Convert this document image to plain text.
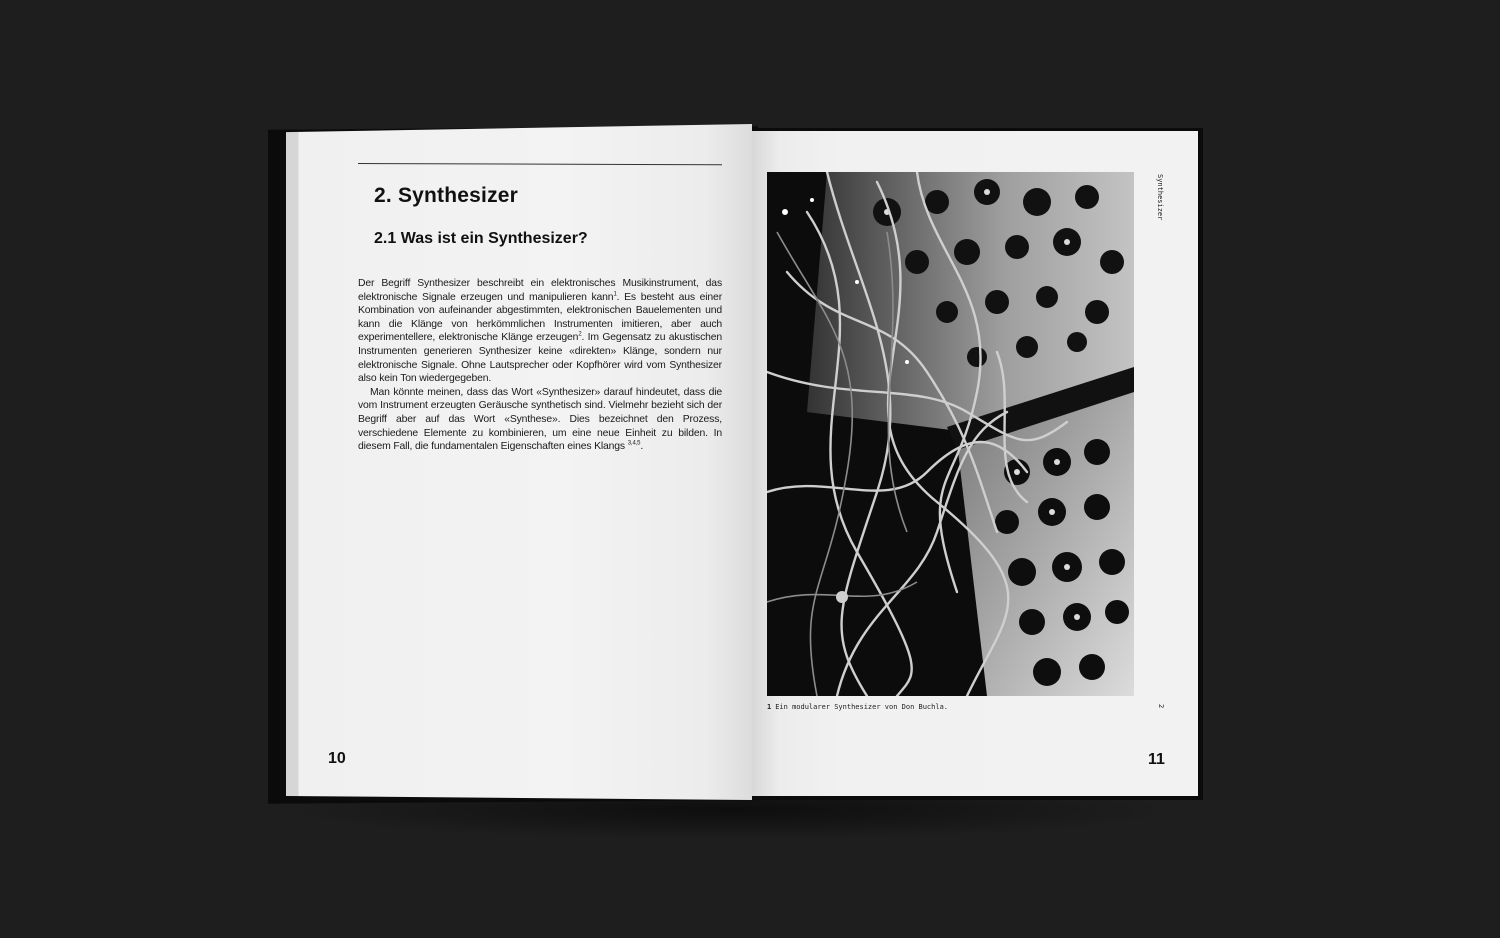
2. Synthesizer
2.1 Was ist ein Synthesizer?

Der Begriff Synthesizer beschreibt ein elektronisches Musikinstrument, das elektronische Signale erzeugen und manipulieren kann$^1$. Es besteht aus einer Kombination von aufeinander abgestimmten, elektronischen Bauelementen und kann die Klänge von herkömmlichen Instrumenten imitieren, aber auch experimentellere, elektronische Klänge erzeugen$^2$. Im Gegensatz zu akustischen Instrumenten generieren Synthesizer keine «direkten» Klänge, sondern nur elektronische Signale. Ohne Lautsprecher oder Kopfhörer wird vom Synthesizer also kein Ton wiedergegeben.

Man könnte meinen, dass das Wort «Synthesizer» darauf hindeutet, dass die vom Instrument erzeugten Geräusche synthetisch sind. Vielmehr bezieht sich der Begriff aber auf das Wort «Synthese». Dies bezeichnet den Prozess, verschiedene Elemente zu kombinieren, um eine neue Einheit zu bilden. In diesem Fall, die fundamentalen Eigenschaften eines Klangs $^{3,4,5}$.

10
1 Ein modularer Synthesizer von Don Buchla.
Synthesizer
2
11
